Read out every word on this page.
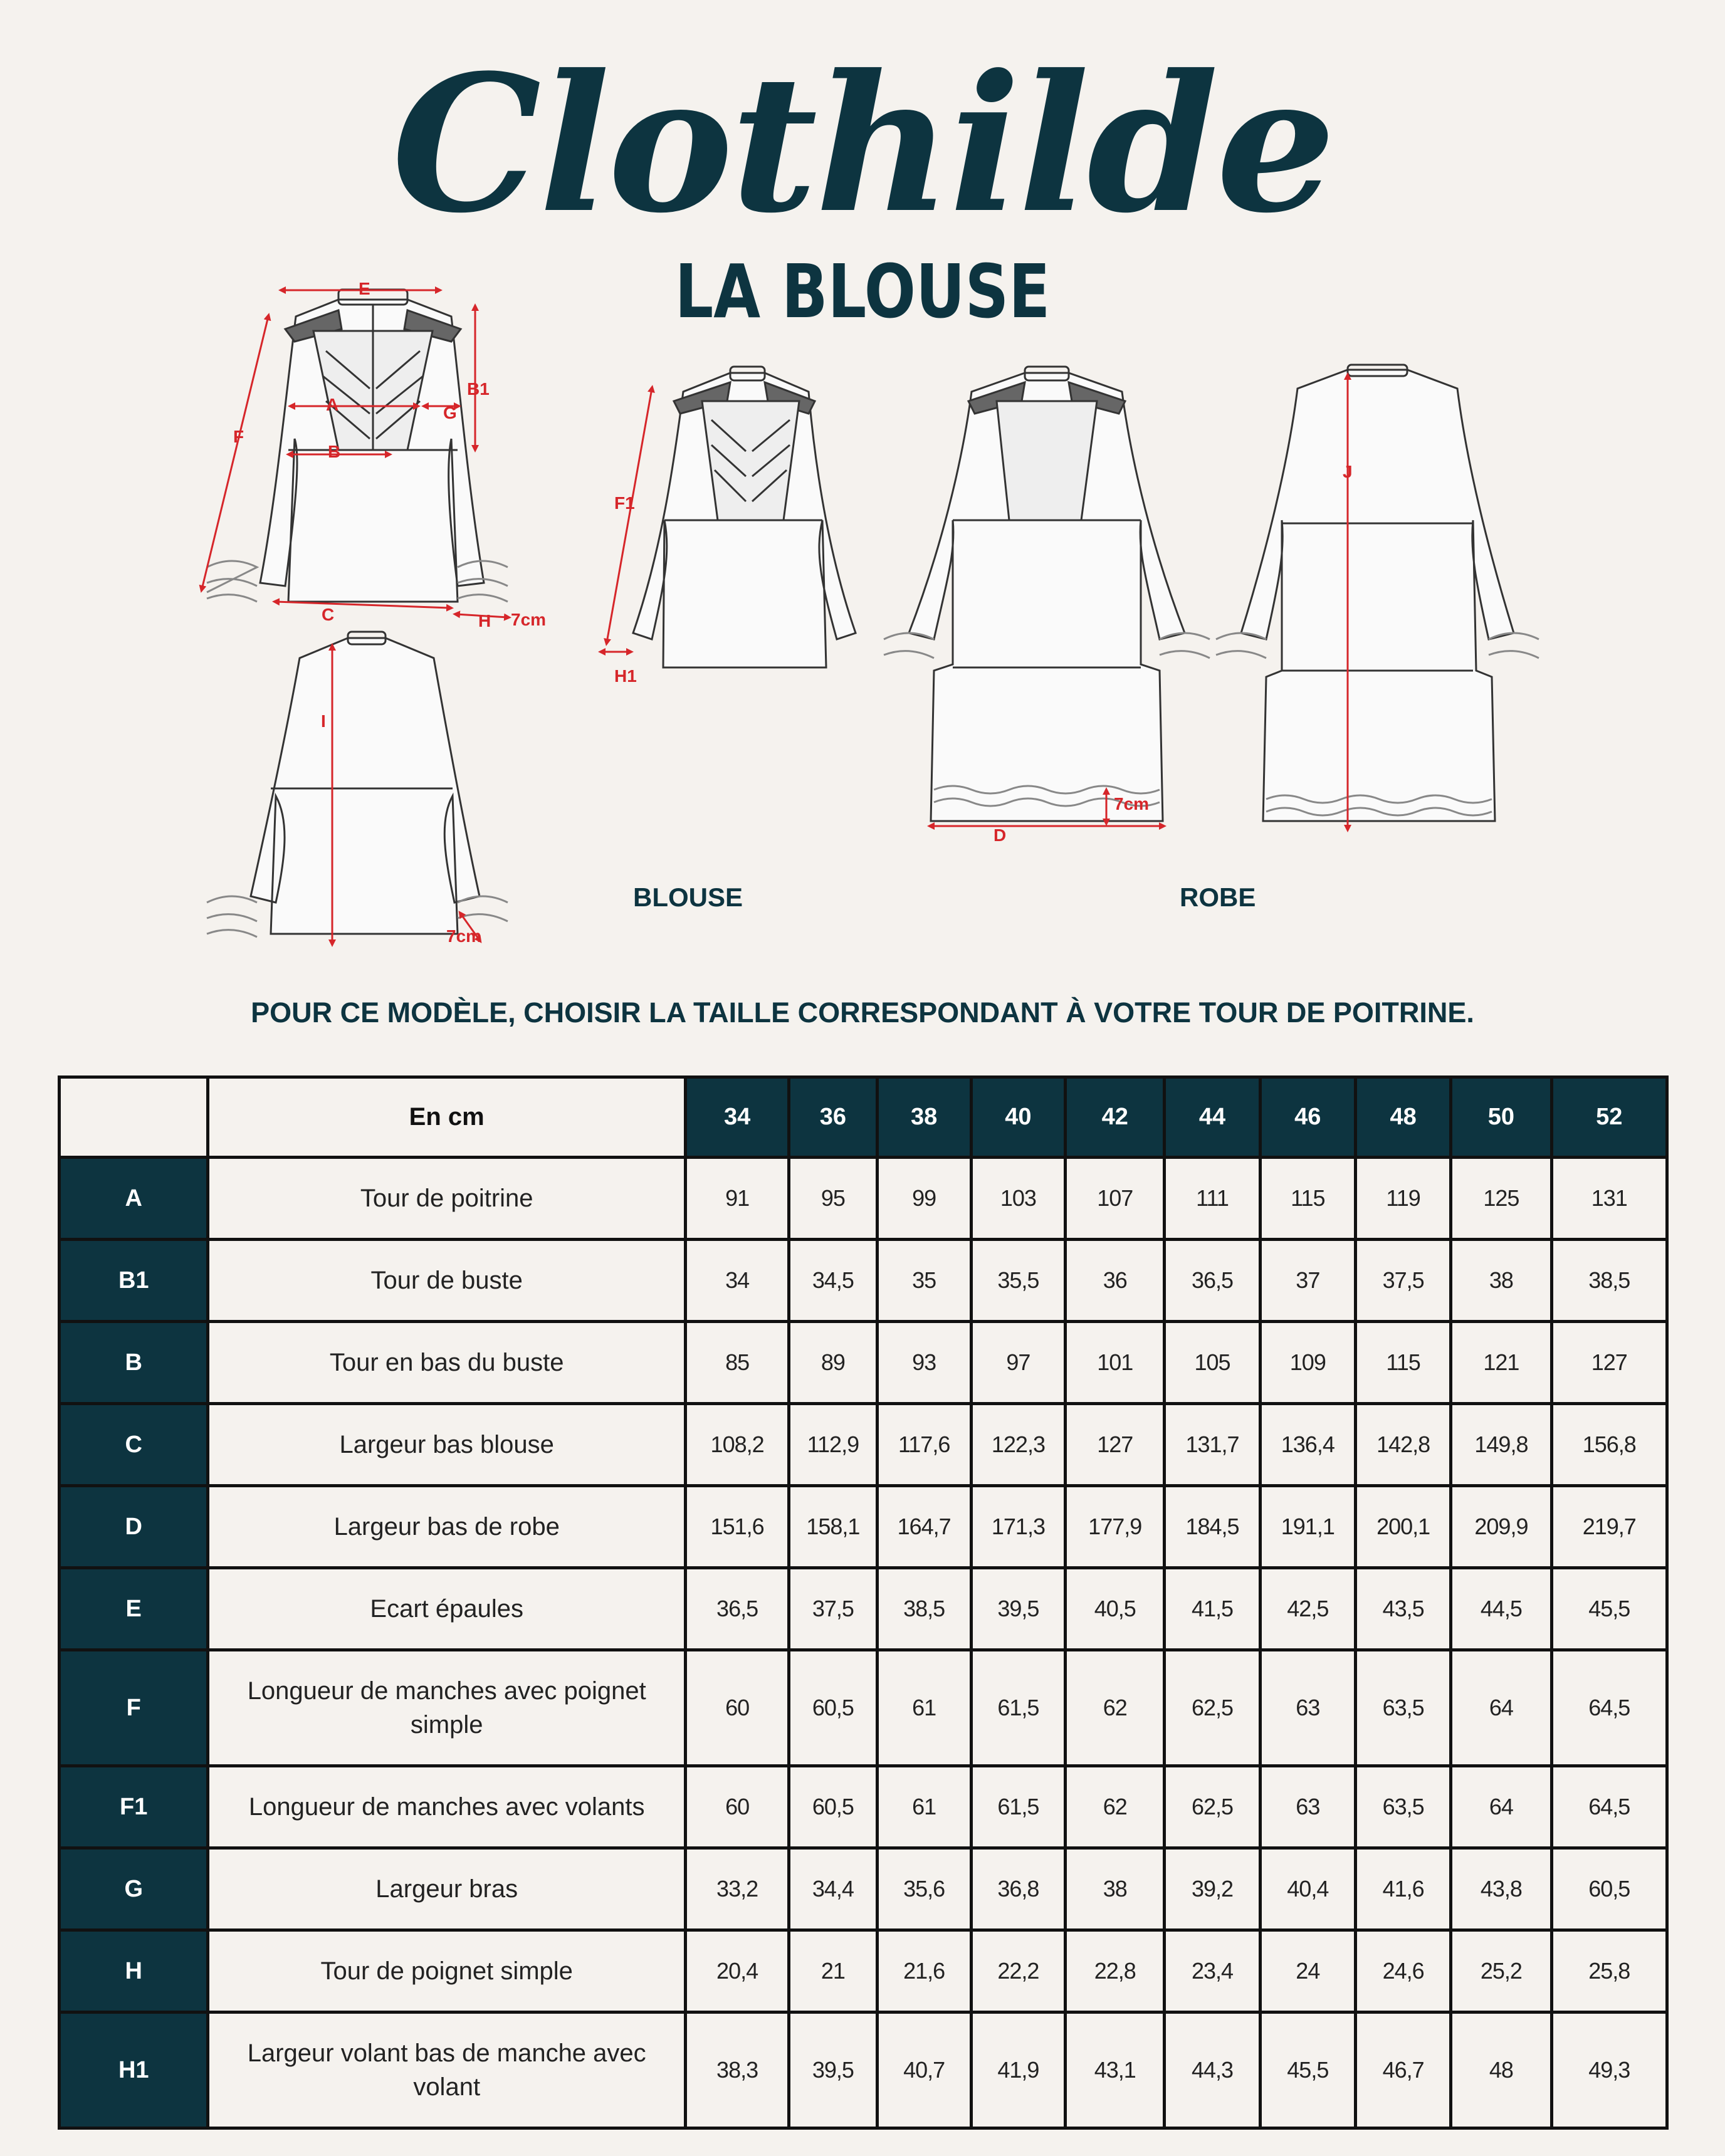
Clothilde
LA BLOUSE
E
A	G
B1
B
F
C	H 7cm
I
7cm
F1
H1
D
7cm
J
BLOUSE	ROBE
POUR CE MODÈLE, CHOISIR LA TAILLE CORRESPONDANT À VOTRE TOUR DE POITRINE.
	En cm	34	36	38	40	42	44	46	48	50	52
A	Tour de poitrine	91	95	99	103	107	111	115	119	125	131
B1	Tour de buste	34	34,5	35	35,5	36	36,5	37	37,5	38	38,5
B	Tour en bas du buste	85	89	93	97	101	105	109	115	121	127
C	Largeur bas blouse	108,2	112,9	117,6	122,3	127	131,7	136,4	142,8	149,8	156,8
D	Largeur bas de robe	151,6	158,1	164,7	171,3	177,9	184,5	191,1	200,1	209,9	219,7
E	Ecart épaules	36,5	37,5	38,5	39,5	40,5	41,5	42,5	43,5	44,5	45,5
F	Longueur de manches avec poignet simple	60	60,5	61	61,5	62	62,5	63	63,5	64	64,5
F1	Longueur de manches avec volants	60	60,5	61	61,5	62	62,5	63	63,5	64	64,5
G	Largeur bras	33,2	34,4	35,6	36,8	38	39,2	40,4	41,6	43,8	60,5
H	Tour de poignet simple	20,4	21	21,6	22,2	22,8	23,4	24	24,6	25,2	25,8
H1	Largeur volant bas de manche avec volant	38,3	39,5	40,7	41,9	43,1	44,3	45,5	46,7	48	49,3
